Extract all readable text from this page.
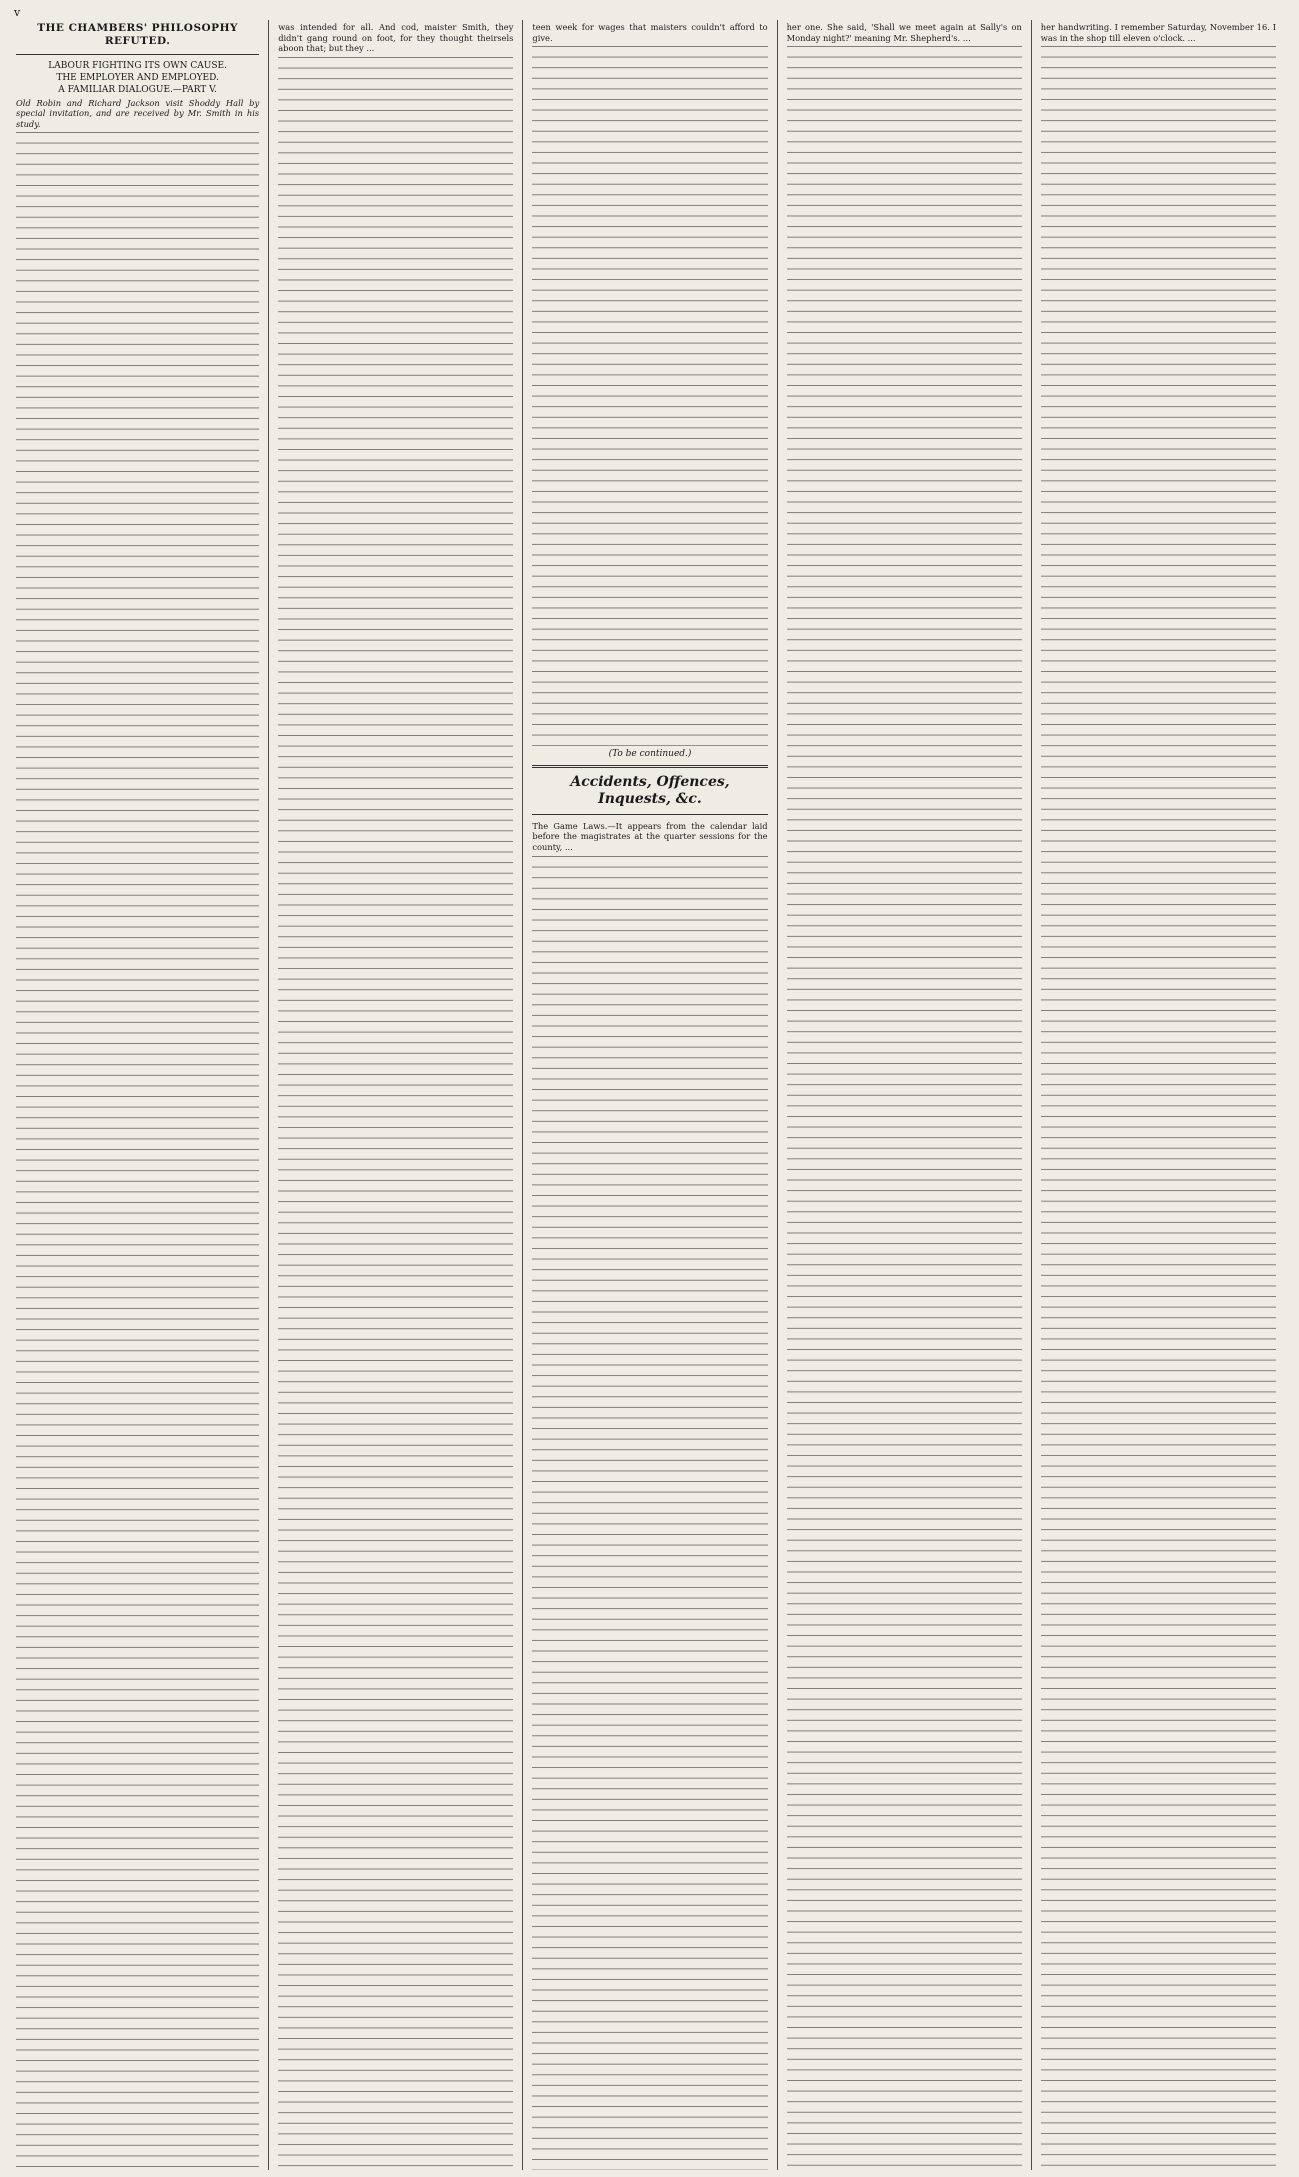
v
THE CHAMBERS' PHILOSOPHY REFUTED.
LABOUR FIGHTING ITS OWN CAUSE.
THE EMPLOYER AND EMPLOYED.
A FAMILIAR DIALOGUE.—PART V.
Old Robin and Richard Jackson visit Shoddy Hall by special invitation, and are received by Mr. Smith in his study.
was intended for all. And cod, maister Smith, they didn't gang round on foot, for they thought theirsels aboon that; but they ...
teen week for wages that maisters couldn't afford to give.
(To be continued.)
Accidents, Offences, Inquests, &c.
The Game Laws.—It appears from the calendar laid before the magistrates at the quarter sessions for the county, ...
her one. She said, 'Shall we meet again at Sally's on Monday night?' meaning Mr. Shepherd's. ...
her handwriting. I remember Saturday, November 16. I was in the shop till eleven o'clock. ...
